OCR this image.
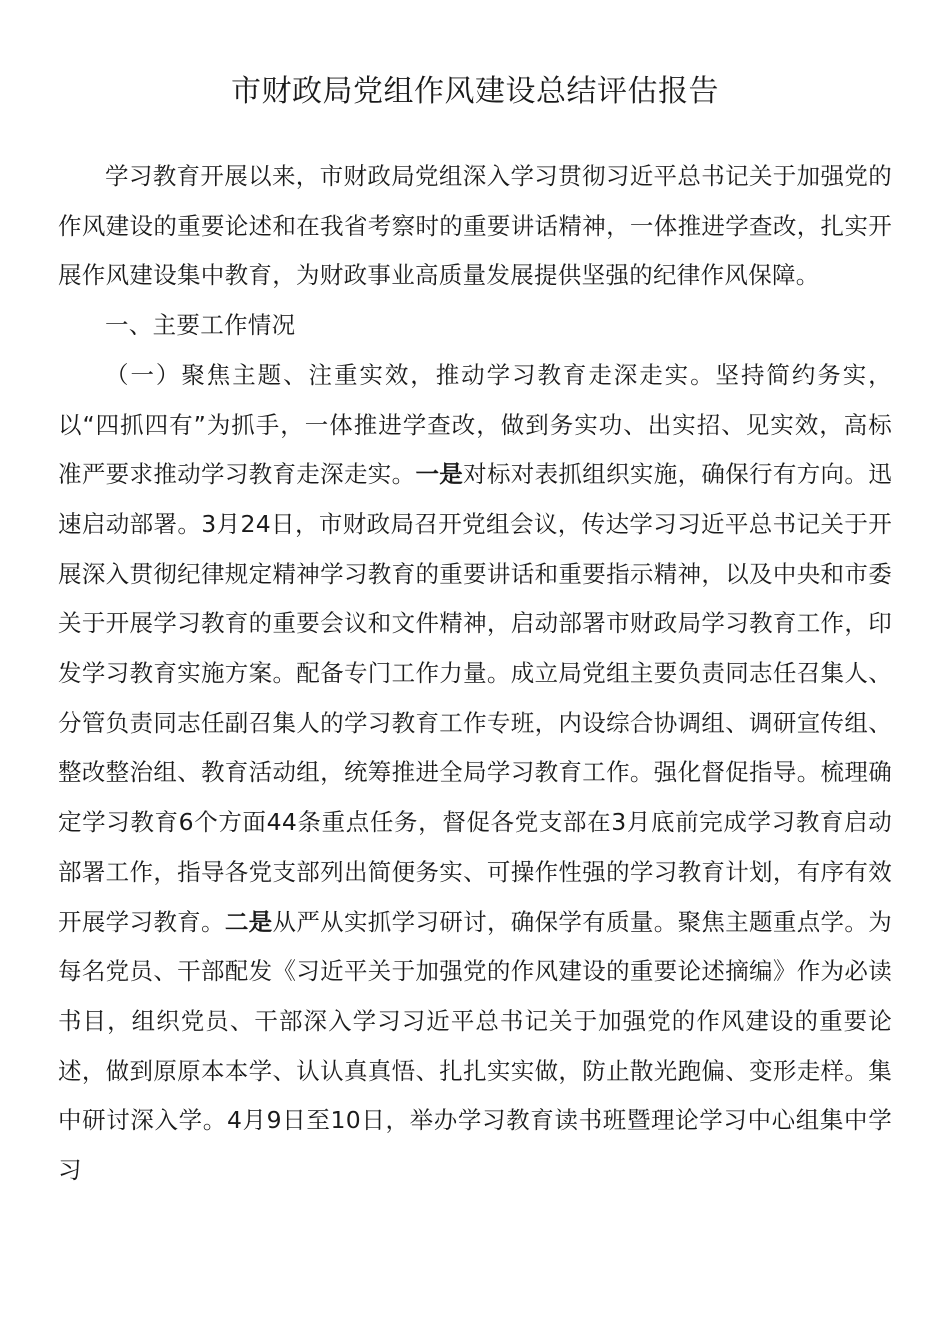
市财政局党组作风建设总结评估报告

学习教育开展以来，市财政局党组深入学习贯彻习近平总书记关于加强党的作风建设的重要论述和在我省考察时的重要讲话精神，一体推进学查改，扎实开展作风建设集中教育，为财政事业高质量发展提供坚强的纪律作风保障。

一、主要工作情况

（一）聚焦主题、注重实效，推动学习教育走深走实。坚持简约务实，以“四抓四有”为抓手，一体推进学查改，做到务实功、出实招、见实效，高标准严要求推动学习教育走深走实。一是对标对表抓组织实施，确保行有方向。迅速启动部署。3月24日，市财政局召开党组会议，传达学习习近平总书记关于开展深入贯彻纪律规定精神学习教育的重要讲话和重要指示精神，以及中央和市委关于开展学习教育的重要会议和文件精神，启动部署市财政局学习教育工作，印发学习教育实施方案。配备专门工作力量。成立局党组主要负责同志任召集人、分管负责同志任副召集人的学习教育工作专班，内设综合协调组、调研宣传组、整改整治组、教育活动组，统筹推进全局学习教育工作。强化督促指导。梳理确定学习教育6个方面44条重点任务，督促各党支部在3月底前完成学习教育启动部署工作，指导各党支部列出简便务实、可操作性强的学习教育计划，有序有效开展学习教育。二是从严从实抓学习研讨，确保学有质量。聚焦主题重点学。为每名党员、干部配发《习近平关于加强党的作风建设的重要论述摘编》作为必读书目，组织党员、干部深入学习习近平总书记关于加强党的作风建设的重要论述，做到原原本本学、认认真真悟、扎扎实实做，防止散光跑偏、变形走样。集中研讨深入学。4月9日至10日，举办学习教育读书班暨理论学习中心组集中学习
